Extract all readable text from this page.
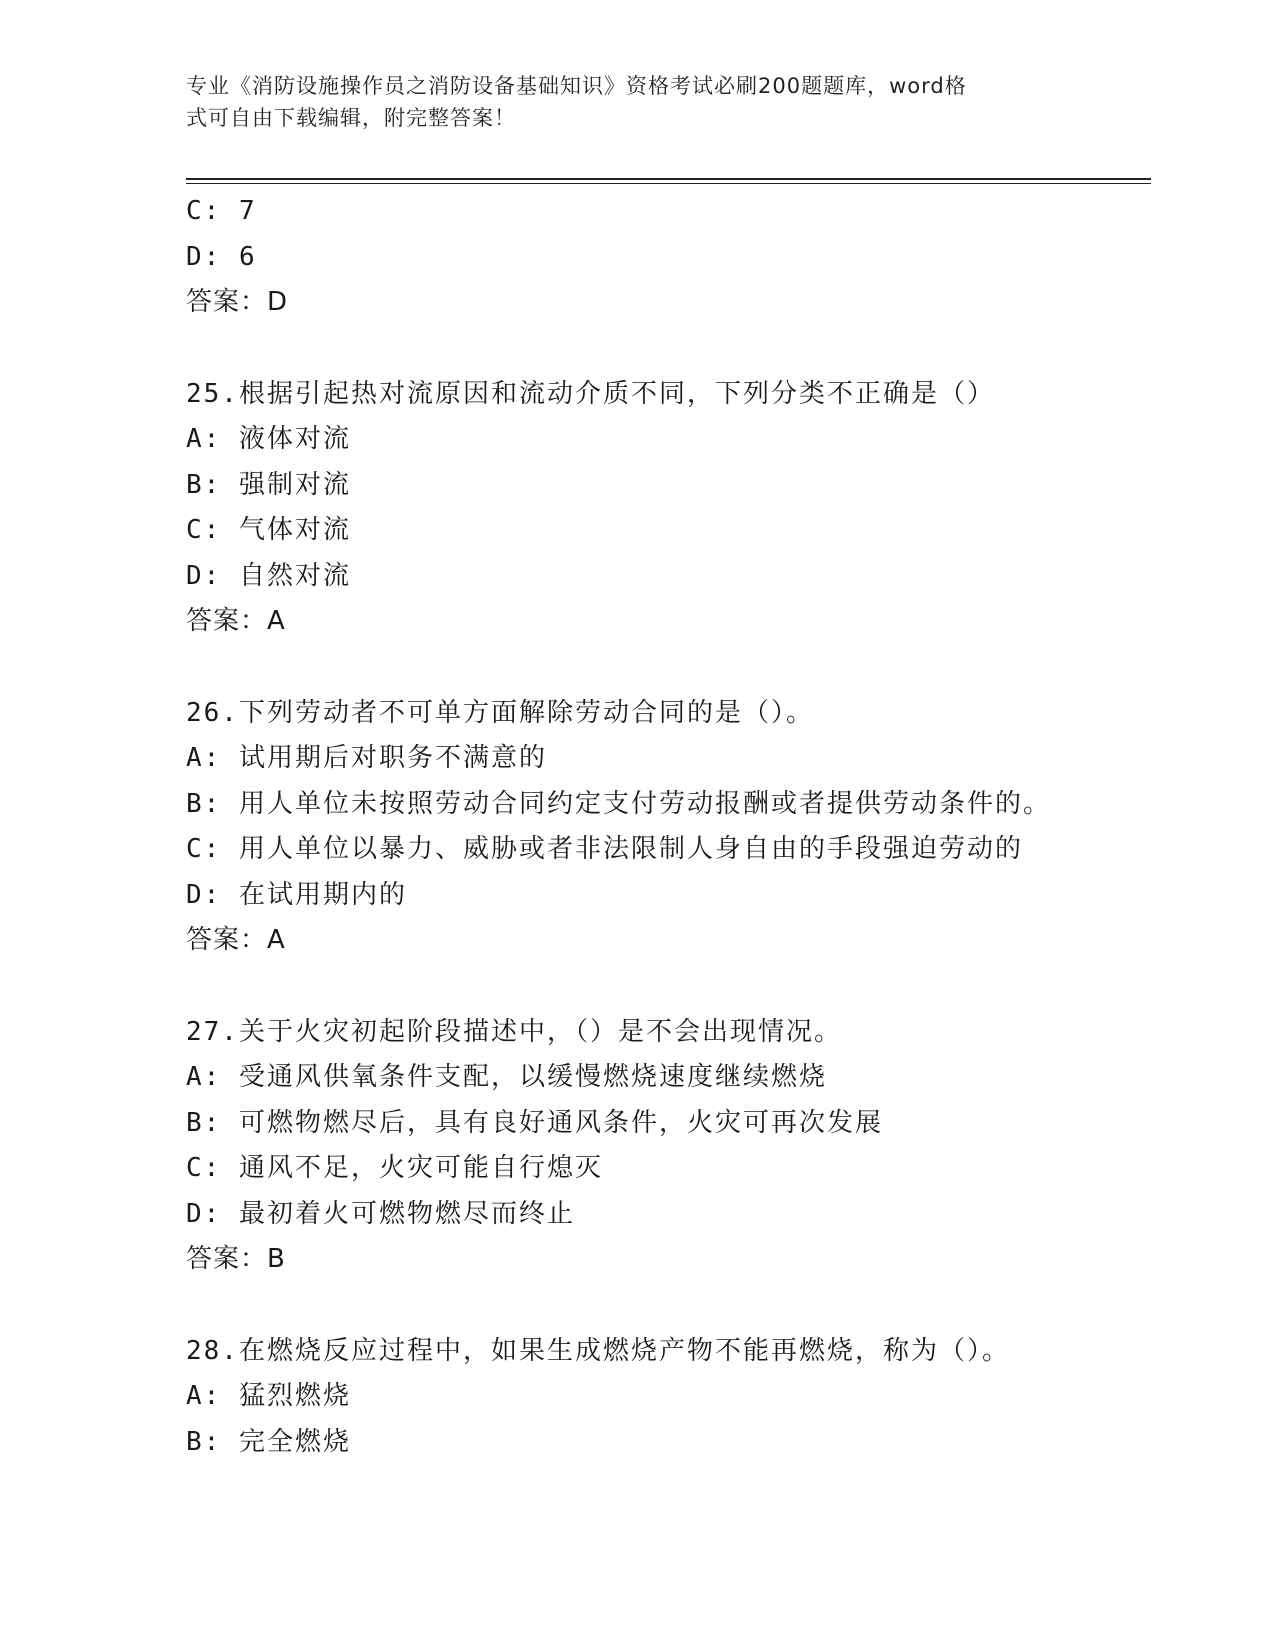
专业《消防设施操作员之消防设备基础知识》资格考试必刷200题题库，word格
式可自由下载编辑，附完整答案！
C: 7
D: 6
答案：D
25.根据引起热对流原因和流动介质不同，下列分类不正确是（）
A: 液体对流
B: 强制对流
C: 气体对流
D: 自然对流
答案：A
26.下列劳动者不可单方面解除劳动合同的是（）。
A: 试用期后对职务不满意的
B: 用人单位未按照劳动合同约定支付劳动报酬或者提供劳动条件的。
C: 用人单位以暴力、威胁或者非法限制人身自由的手段强迫劳动的
D: 在试用期内的
答案：A
27.关于火灾初起阶段描述中，（）是不会出现情况。
A: 受通风供氧条件支配，以缓慢燃烧速度继续燃烧
B: 可燃物燃尽后，具有良好通风条件，火灾可再次发展
C: 通风不足，火灾可能自行熄灭
D: 最初着火可燃物燃尽而终止
答案：B
28.在燃烧反应过程中，如果生成燃烧产物不能再燃烧，称为（）。
A: 猛烈燃烧
B: 完全燃烧
